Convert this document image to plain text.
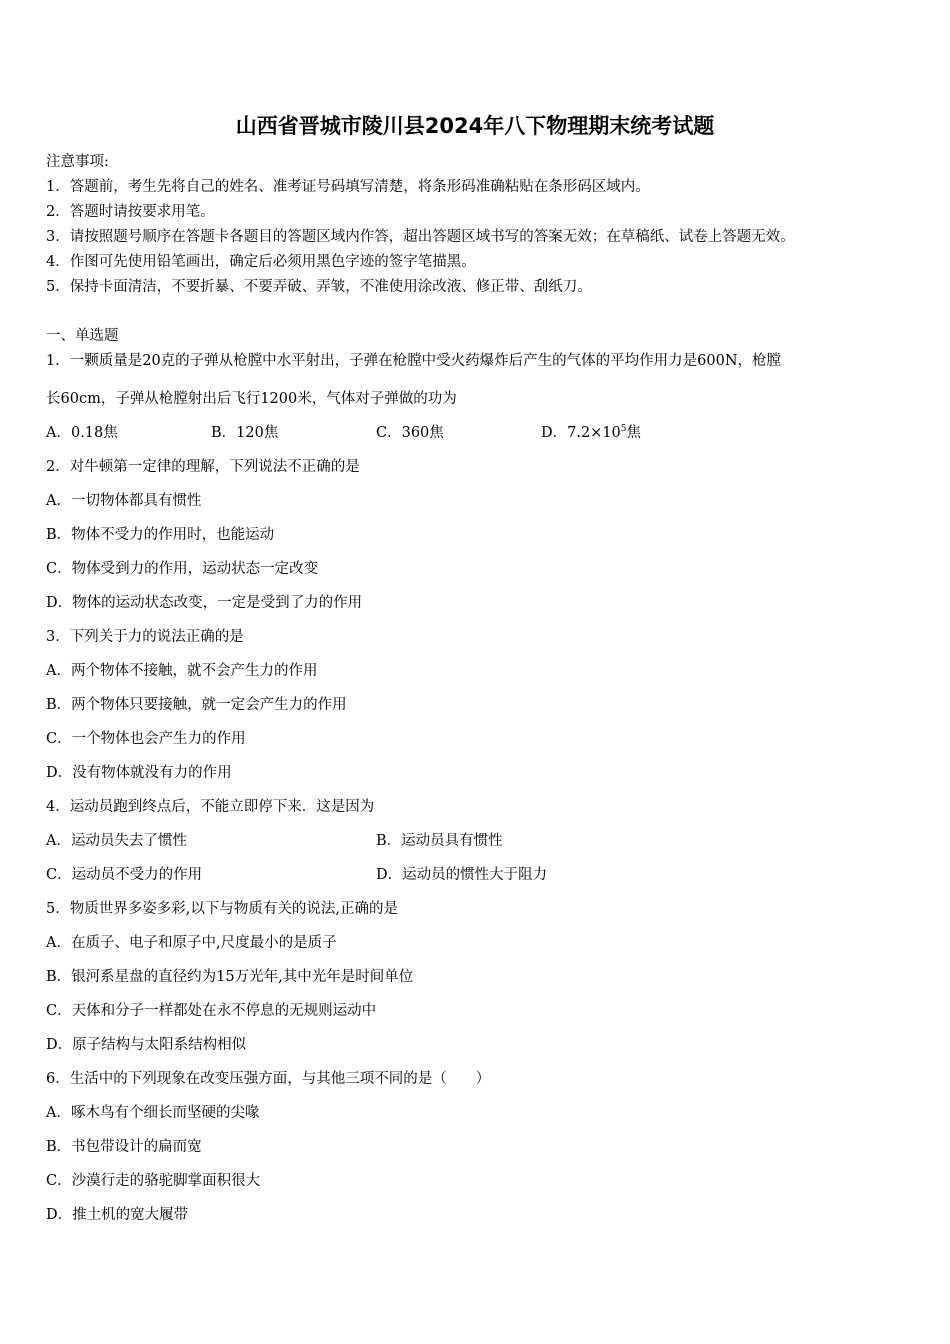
山西省晋城市陵川县2024年八下物理期末统考试题
注意事项:
1．答题前，考生先将自己的姓名、准考证号码填写清楚，将条形码准确粘贴在条形码区域内。
2．答题时请按要求用笔。
3．请按照题号顺序在答题卡各题目的答题区域内作答，超出答题区域书写的答案无效；在草稿纸、试卷上答题无效。
4．作图可先使用铅笔画出，确定后必须用黑色字迹的签字笔描黑。
5．保持卡面清洁，不要折暴、不要弄破、弄皱，不准使用涂改液、修正带、刮纸刀。
一、单选题
1．一颗质量是20克的子弹从枪膛中水平射出，子弹在枪膛中受火药爆炸后产生的气体的平均作用力是600N，枪膛
长60cm，子弹从枪膛射出后飞行1200米，气体对子弹做的功为
A．0.18焦	B．120焦	C．360焦	D．$7.2\times 10^5$焦
2．对牛顿第一定律的理解，下列说法不正确的是
A．一切物体都具有惯性
B．物体不受力的作用时，也能运动
C．物体受到力的作用，运动状态一定改变
D．物体的运动状态改变，一定是受到了力的作用
3．下列关于力的说法正确的是
A．两个物体不接触，就不会产生力的作用
B．两个物体只要接触，就一定会产生力的作用
C．一个物体也会产生力的作用
D．没有物体就没有力的作用
4．运动员跑到终点后，不能立即停下来．这是因为
A．运动员失去了惯性	B．运动员具有惯性
C．运动员不受力的作用	D．运动员的惯性大于阻力
5．物质世界多姿多彩,以下与物质有关的说法,正确的是
A．在质子、电子和原子中,尺度最小的是质子
B．银河系星盘的直径约为15万光年,其中光年是时间单位
C．天体和分子一样都处在永不停息的无规则运动中
D．原子结构与太阳系结构相似
6．生活中的下列现象在改变压强方面，与其他三项不同的是（　　）
A．啄木鸟有个细长而坚硬的尖喙
B．书包带设计的扁而宽
C．沙漠行走的骆驼脚掌面积很大
D．推土机的宽大履带
